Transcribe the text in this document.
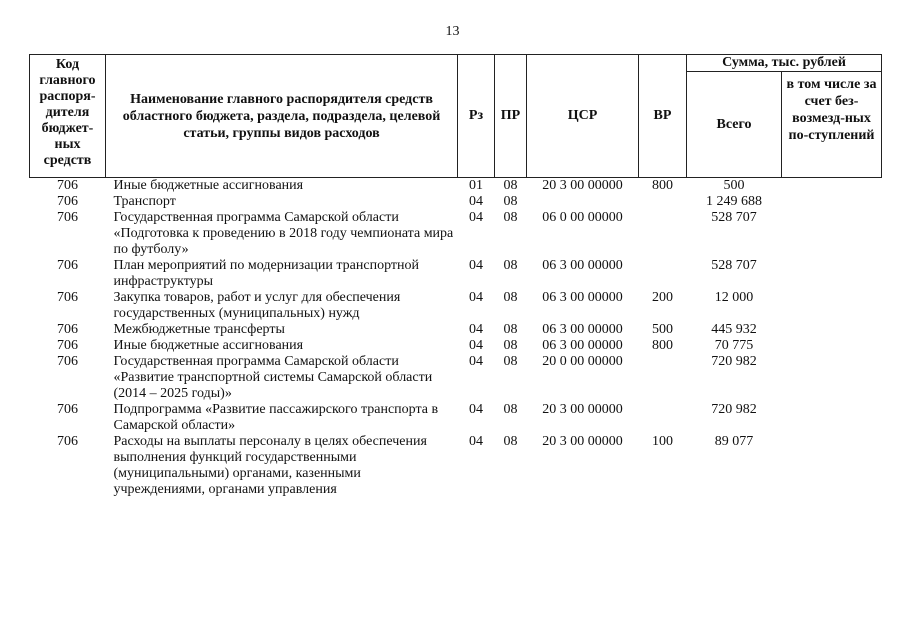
13
Код главного распоря-дителя бюджет-ных средств	Наименование главного распорядителя средств областного бюджета, раздела, подраздела, целевой статьи, группы видов расходов	Рз	ПР	ЦСР	ВР	Сумма, тыс. рублей	
						Всего	в том числе за счет без-возмезд-ных по-ступлений
706	Иные бюджетные ассигнования	01	08	20 3 00 00000	800	500	
706	Транспорт	04	08			1 249 688	
706	Государственная программа Самарской области «Подготовка к проведению в 2018 году чемпионата мира по футболу»	04	08	06 0 00 00000		528 707	
706	План мероприятий по модернизации транспортной инфраструктуры	04	08	06 3 00 00000		528 707	
706	Закупка товаров, работ и услуг для обеспечения государственных (муниципальных) нужд	04	08	06 3 00 00000	200	12 000	
706	Межбюджетные трансферты	04	08	06 3 00 00000	500	445 932	
706	Иные бюджетные ассигнования	04	08	06 3 00 00000	800	70 775	
706	Государственная программа Самарской области «Развитие транспортной системы Самарской области (2014 – 2025 годы)»	04	08	20 0 00 00000		720 982	
706	Подпрограмма «Развитие пассажирского транспорта в Самарской области»	04	08	20 3 00 00000		720 982	
706	Расходы на выплаты персоналу в целях обеспечения выполнения функций государственными (муниципальными) органами, казенными учреждениями, органами управления	04	08	20 3 00 00000	100	89 077	
